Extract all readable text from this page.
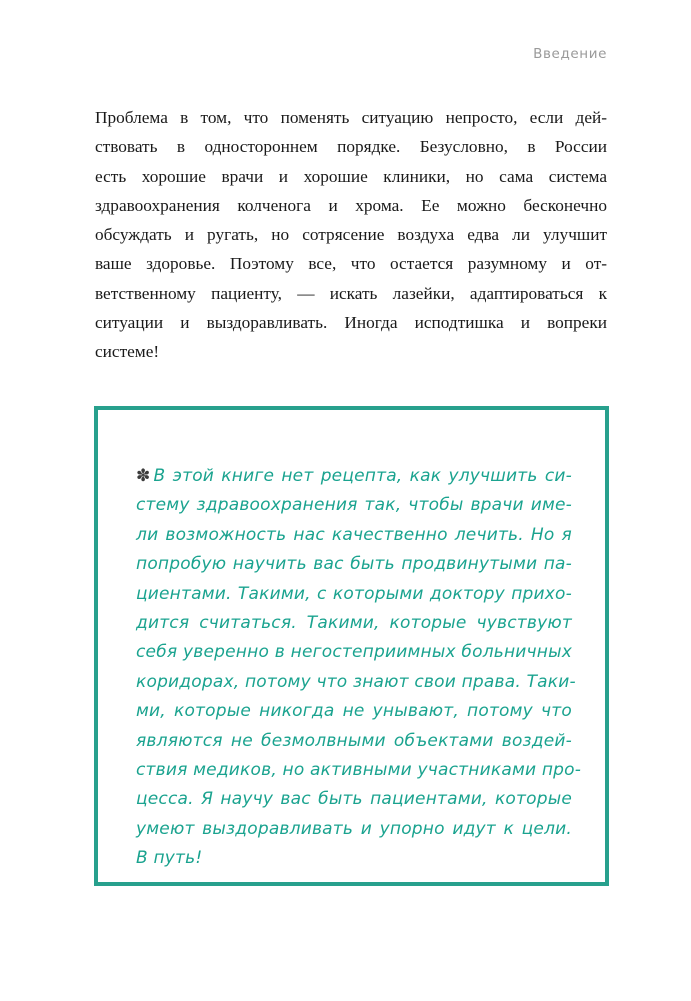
Введение

Проблема в том, что поменять ситуацию непросто, если дей-
ствовать в одностороннем порядке. Безусловно, в России
есть хорошие врачи и хорошие клиники, но сама система
здравоохранения колченога и хрома. Ее можно бесконечно
обсуждать и ругать, но сотрясение воздуха едва ли улучшит
ваше здоровье. Поэтому все, что остается разумному и от-
ветственному пациенту, — искать лазейки, адаптироваться к
ситуации и выздоравливать. Иногда исподтишка и вопреки
системе!

✽ В этой книге нет рецепта, как улучшить си-
стему здравоохранения так, чтобы врачи име-
ли возможность нас качественно лечить. Но я
попробую научить вас быть продвинутыми па-
циентами. Такими, с которыми доктору прихо-
дится считаться. Такими, которые чувствуют
себя уверенно в негостеприимных больничных
коридорах, потому что знают свои права. Таки-
ми, которые никогда не унывают, потому что
являются не безмолвными объектами воздей-
ствия медиков, но активными участниками про-
цесса. Я научу вас быть пациентами, которые
умеют выздоравливать и упорно идут к цели.
В путь!
